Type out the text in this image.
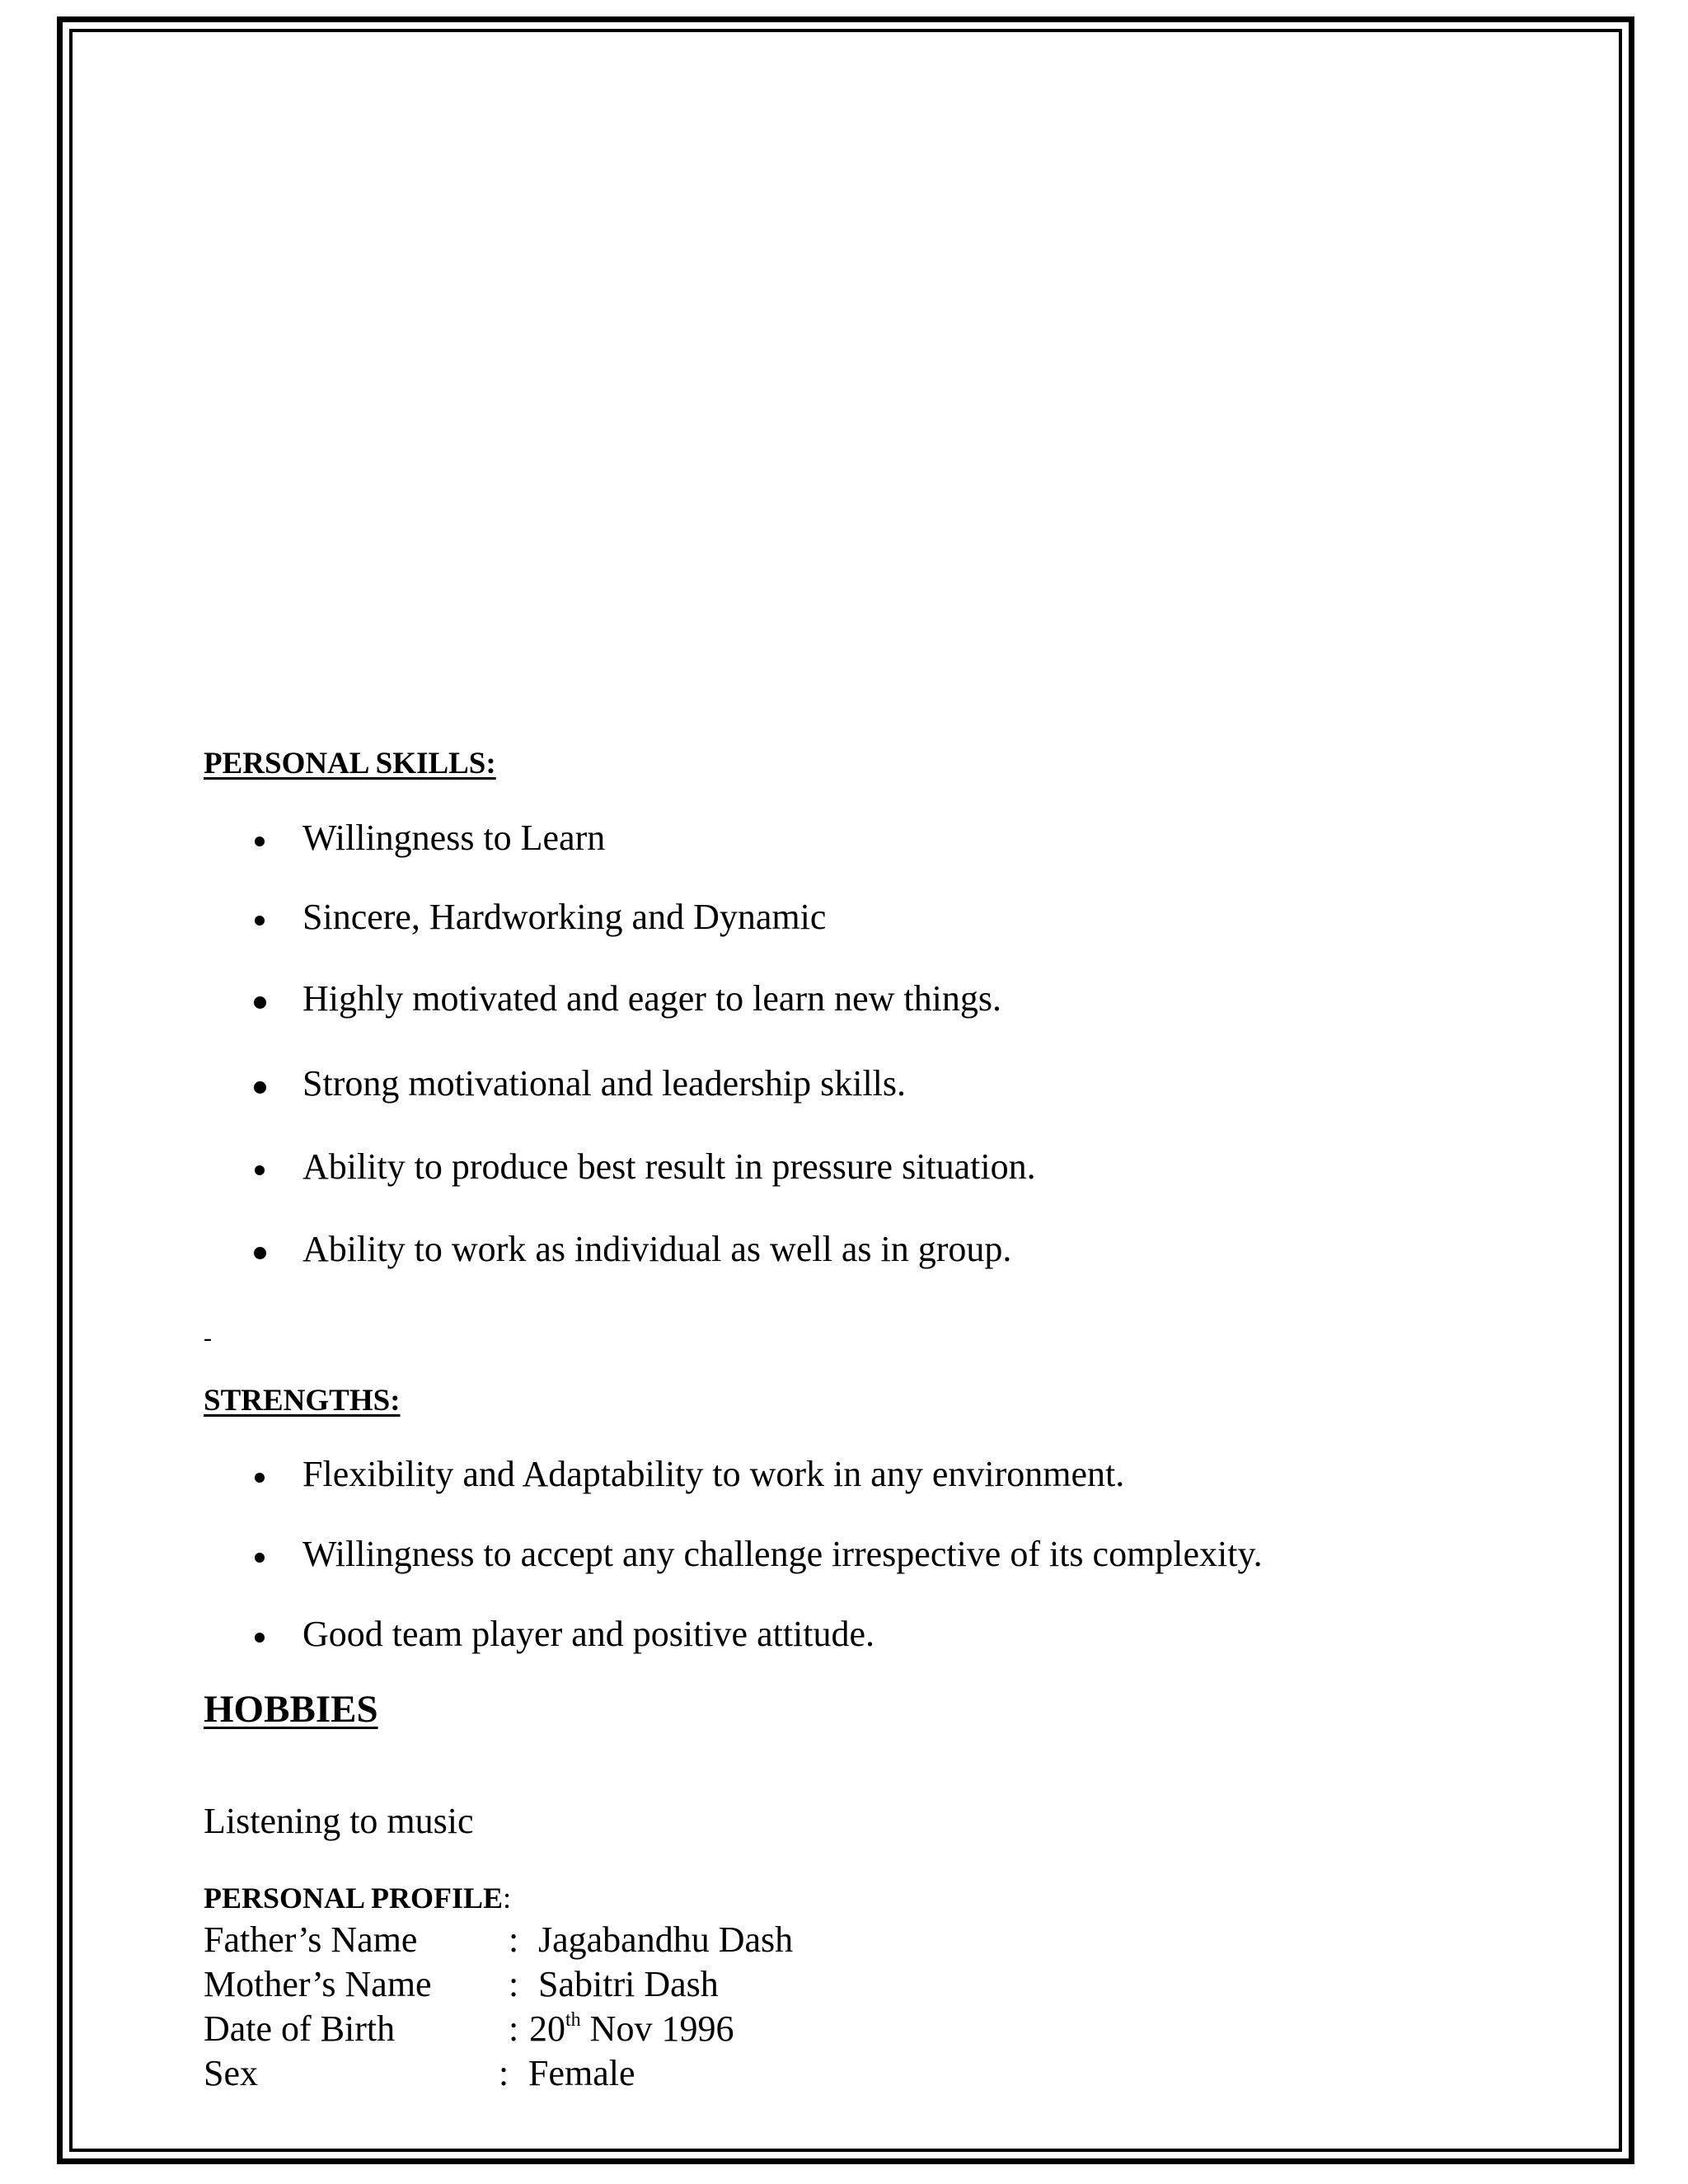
PERSONAL SKILLS:
Willingness to Learn
Sincere, Hardworking and Dynamic
Highly motivated and eager to learn new things.
Strong motivational and leadership skills.
Ability to produce best result in pressure situation.
Ability to work as individual as well as in group.
-
STRENGTHS:
Flexibility and Adaptability to work in any environment.
Willingness to accept any challenge irrespective of its complexity.
Good team player and positive attitude.
HOBBIES
Listening to music
PERSONAL PROFILE:
Father’s Name	: Jagabandhu Dash
Mother’s Name : Sabitri Dash
Date of Birth	: 20th Nov 1996
Sex	: Female
